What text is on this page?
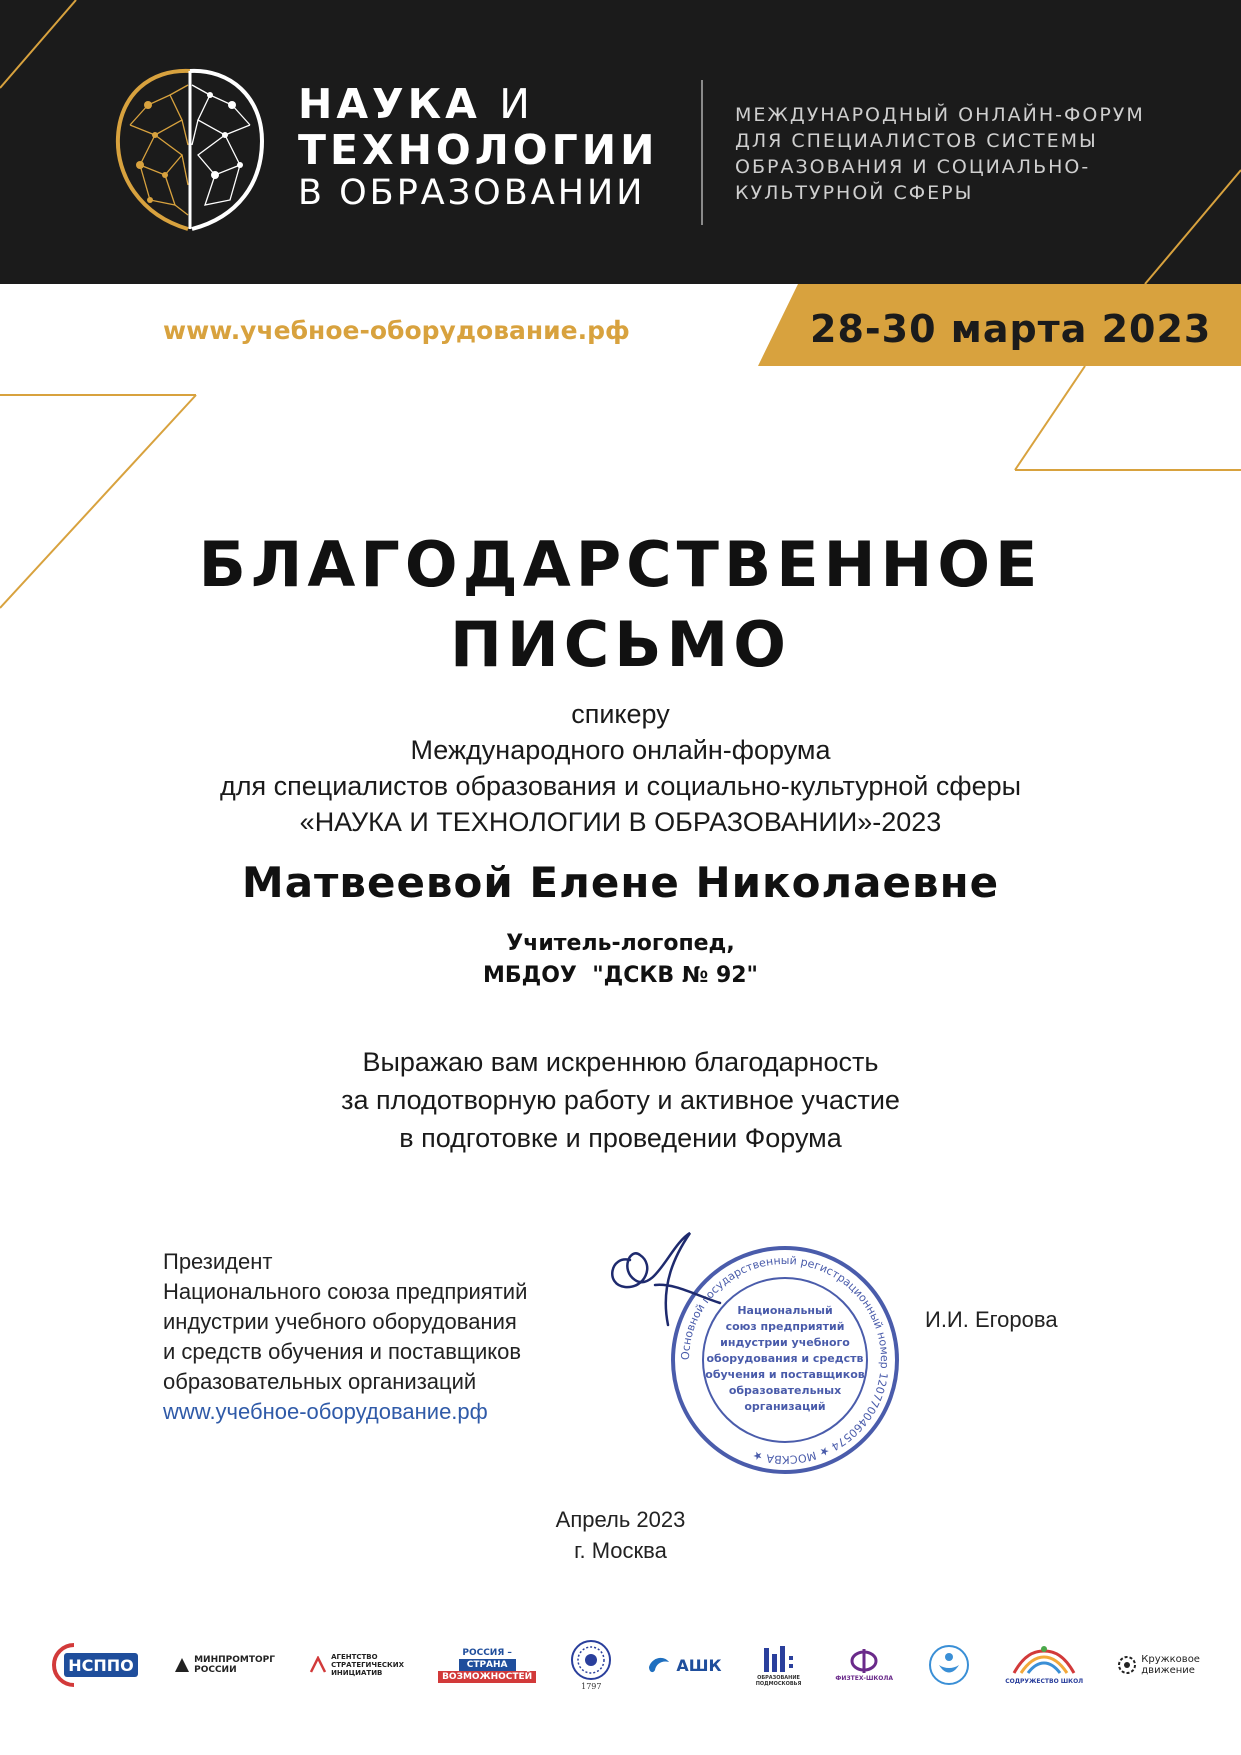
НАУКА И
ТЕХНОЛОГИИ
В ОБРАЗОВАНИИ
МЕЖДУНАРОДНЫЙ ОНЛАЙН-ФОРУМ
ДЛЯ СПЕЦИАЛИСТОВ СИСТЕМЫ
ОБРАЗОВАНИЯ И СОЦИАЛЬНО-
КУЛЬТУРНОЙ СФЕРЫ
www.учебное-оборудование.рф	28-30 марта 2023
БЛАГОДАРСТВЕННОЕ
ПИСЬМО
спикеру
Международного онлайн-форума
для специалистов образования и социально-культурной сферы
«НАУКА И ТЕХНОЛОГИИ В ОБРАЗОВАНИИ»-2023
Матвеевой Елене Николаевне
Учитель-логопед,
МБДОУ  "ДСКВ № 92"
Выражаю вам искреннюю благодарность
за плодотворную работу и активное участие
в подготовке и проведении Форума
Президент
Национального союза предприятий
индустрии учебного оборудования
и средств обучения и поставщиков
образовательных организаций
www.учебное-оборудование.рф
Основной государственный регистрационный номер 1207700460574 ★ МОСКВА ★
Национальный
союз предприятий
индустрии учебного
оборудования и средств
обучения и поставщиков
образовательных
организаций
И.И. Егорова
Апрель 2023
г. Москва
НСППО	МИНПРОМТОРГ
РОССИИ
АГЕНТСТВО
СТРАТЕГИЧЕСКИХ
ИНИЦИАТИВ
РОССИЯ –
СТРАНА
ВОЗМОЖНОСТЕЙ
1797
АШК
ОБРАЗОВАНИЕ
ПОДМОСКОВЬЯ
ФИЗТЕХ-ШКОЛА	СОДРУЖЕСТВО ШКОЛ
Кружковое
движение
